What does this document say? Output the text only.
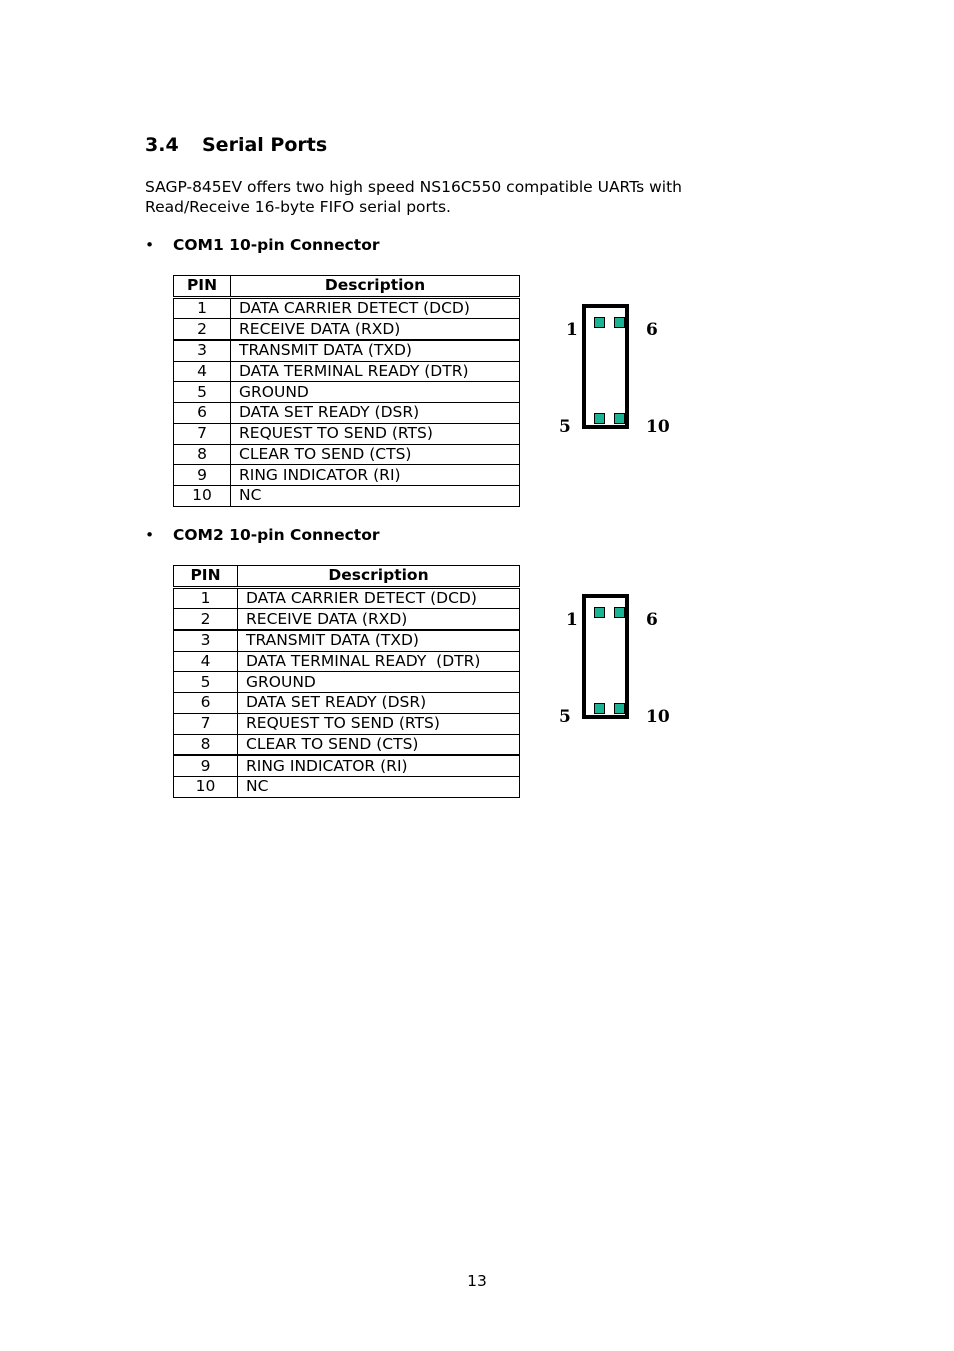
3.4 Serial Ports
SAGP-845EV offers two high speed NS16C550 compatible UARTs with
Read/Receive 16-byte FIFO serial ports.
• COM1 10-pin Connector
PIN	Description
1	DATA CARRIER DETECT (DCD)
2	RECEIVE DATA (RXD)
3	TRANSMIT DATA (TXD)
4	DATA TERMINAL READY (DTR)
5	GROUND
6	DATA SET READY (DSR)
7	REQUEST TO SEND (RTS)
8	CLEAR TO SEND (CTS)
9	RING INDICATOR (RI)
10	NC
1	6
5	10
• COM2 10-pin Connector
PIN	Description
1	DATA CARRIER DETECT (DCD)
2	RECEIVE DATA (RXD)
3	TRANSMIT DATA (TXD)
4	DATA TERMINAL READY  (DTR)
5	GROUND
6	DATA SET READY (DSR)
7	REQUEST TO SEND (RTS)
8	CLEAR TO SEND (CTS)
9	RING INDICATOR (RI)
10	NC
1	6
5	10
13
